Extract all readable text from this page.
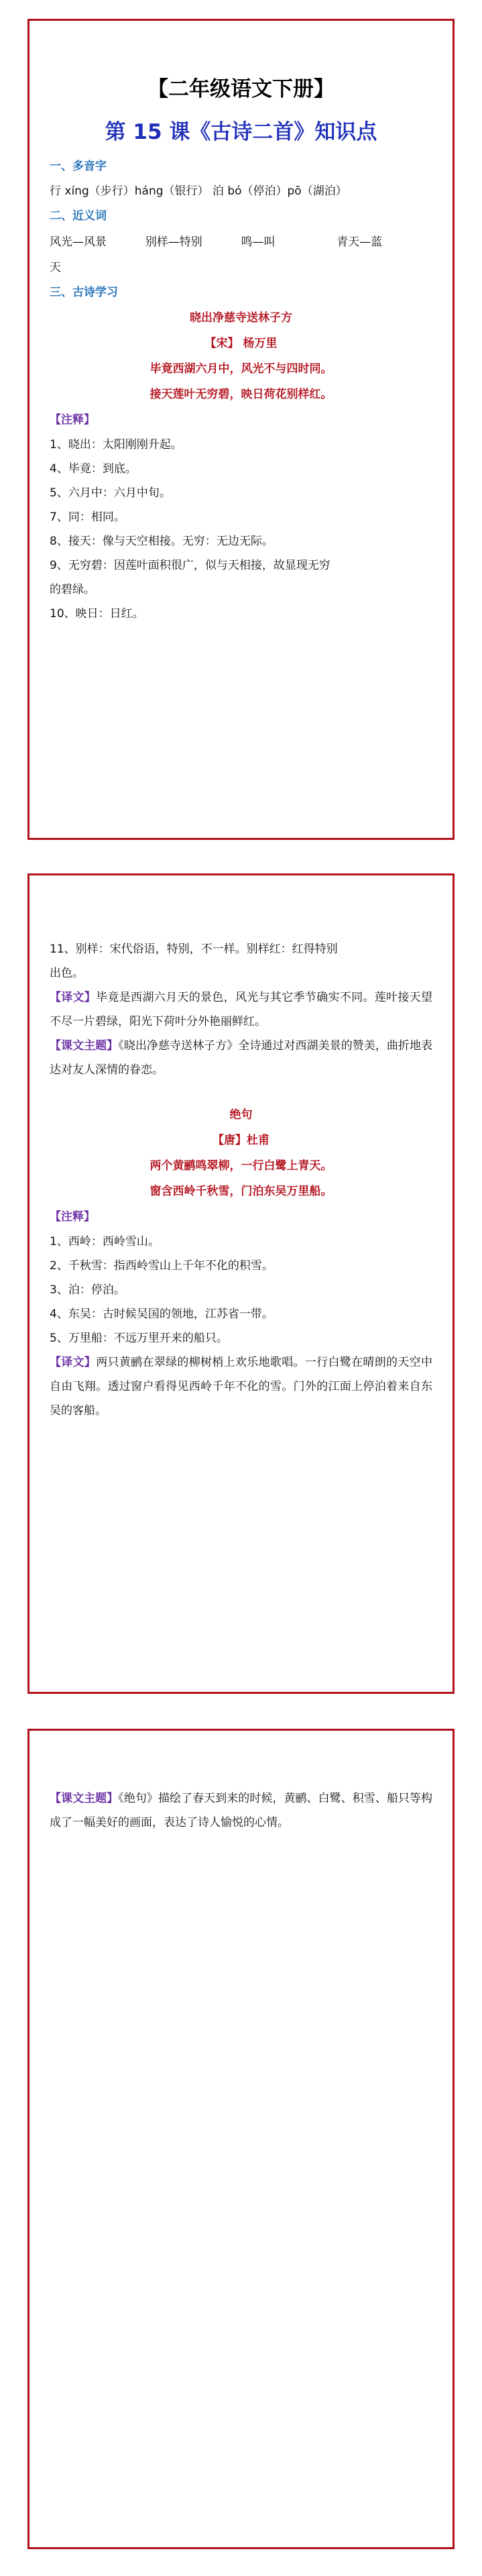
【二年级语文下册】
第 15 课《古诗二首》知识点
一、多音字
行 xíng（步行）háng（银行） 泊 bó（停泊）pō（湖泊）
二、近义词
风光—风景	别样—特别	鸣—叫	青天—蓝
天
三、古诗学习
晓出净慈寺送林子方
【宋】 杨万里
毕竟西湖六月中，风光不与四时同。
接天莲叶无穷碧，映日荷花别样红。
【注释】
1、晓出：太阳刚刚升起。
4、毕竟：到底。
5、六月中：六月中旬。
7、同：相同。
8、接天：像与天空相接。无穷：无边无际。
9、无穷碧：因莲叶面积很广，似与天相接，故显现无穷
的碧绿。
10、映日：日红。
11、别样：宋代俗语，特别，不一样。别样红：红得特别
出色。
【译文】毕竟是西湖六月天的景色，风光与其它季节确实不同。莲叶接天望不尽一片碧绿，阳光下荷叶分外艳丽鲜红。
【课文主题】《晓出净慈寺送林子方》全诗通过对西湖美景的赞美，曲折地表达对友人深情的眷恋。
绝句
【唐】杜甫
两个黄鹂鸣翠柳，一行白鹭上青天。
窗含西岭千秋雪，门泊东吴万里船。
【注释】
1、西岭：西岭雪山。
2、千秋雪：指西岭雪山上千年不化的积雪。
3、泊：停泊。
4、东吴：古时候吴国的领地，江苏省一带。
5、万里船：不远万里开来的船只。
【译文】两只黄鹂在翠绿的柳树梢上欢乐地歌唱。一行白鹭在晴朗的天空中自由飞翔。透过窗户看得见西岭千年不化的雪。门外的江面上停泊着来自东吴的客船。
【课文主题】《绝句》描绘了春天到来的时候，黄鹂、白鹭、积雪、船只等构成了一幅美好的画面，表达了诗人愉悦的心情。
